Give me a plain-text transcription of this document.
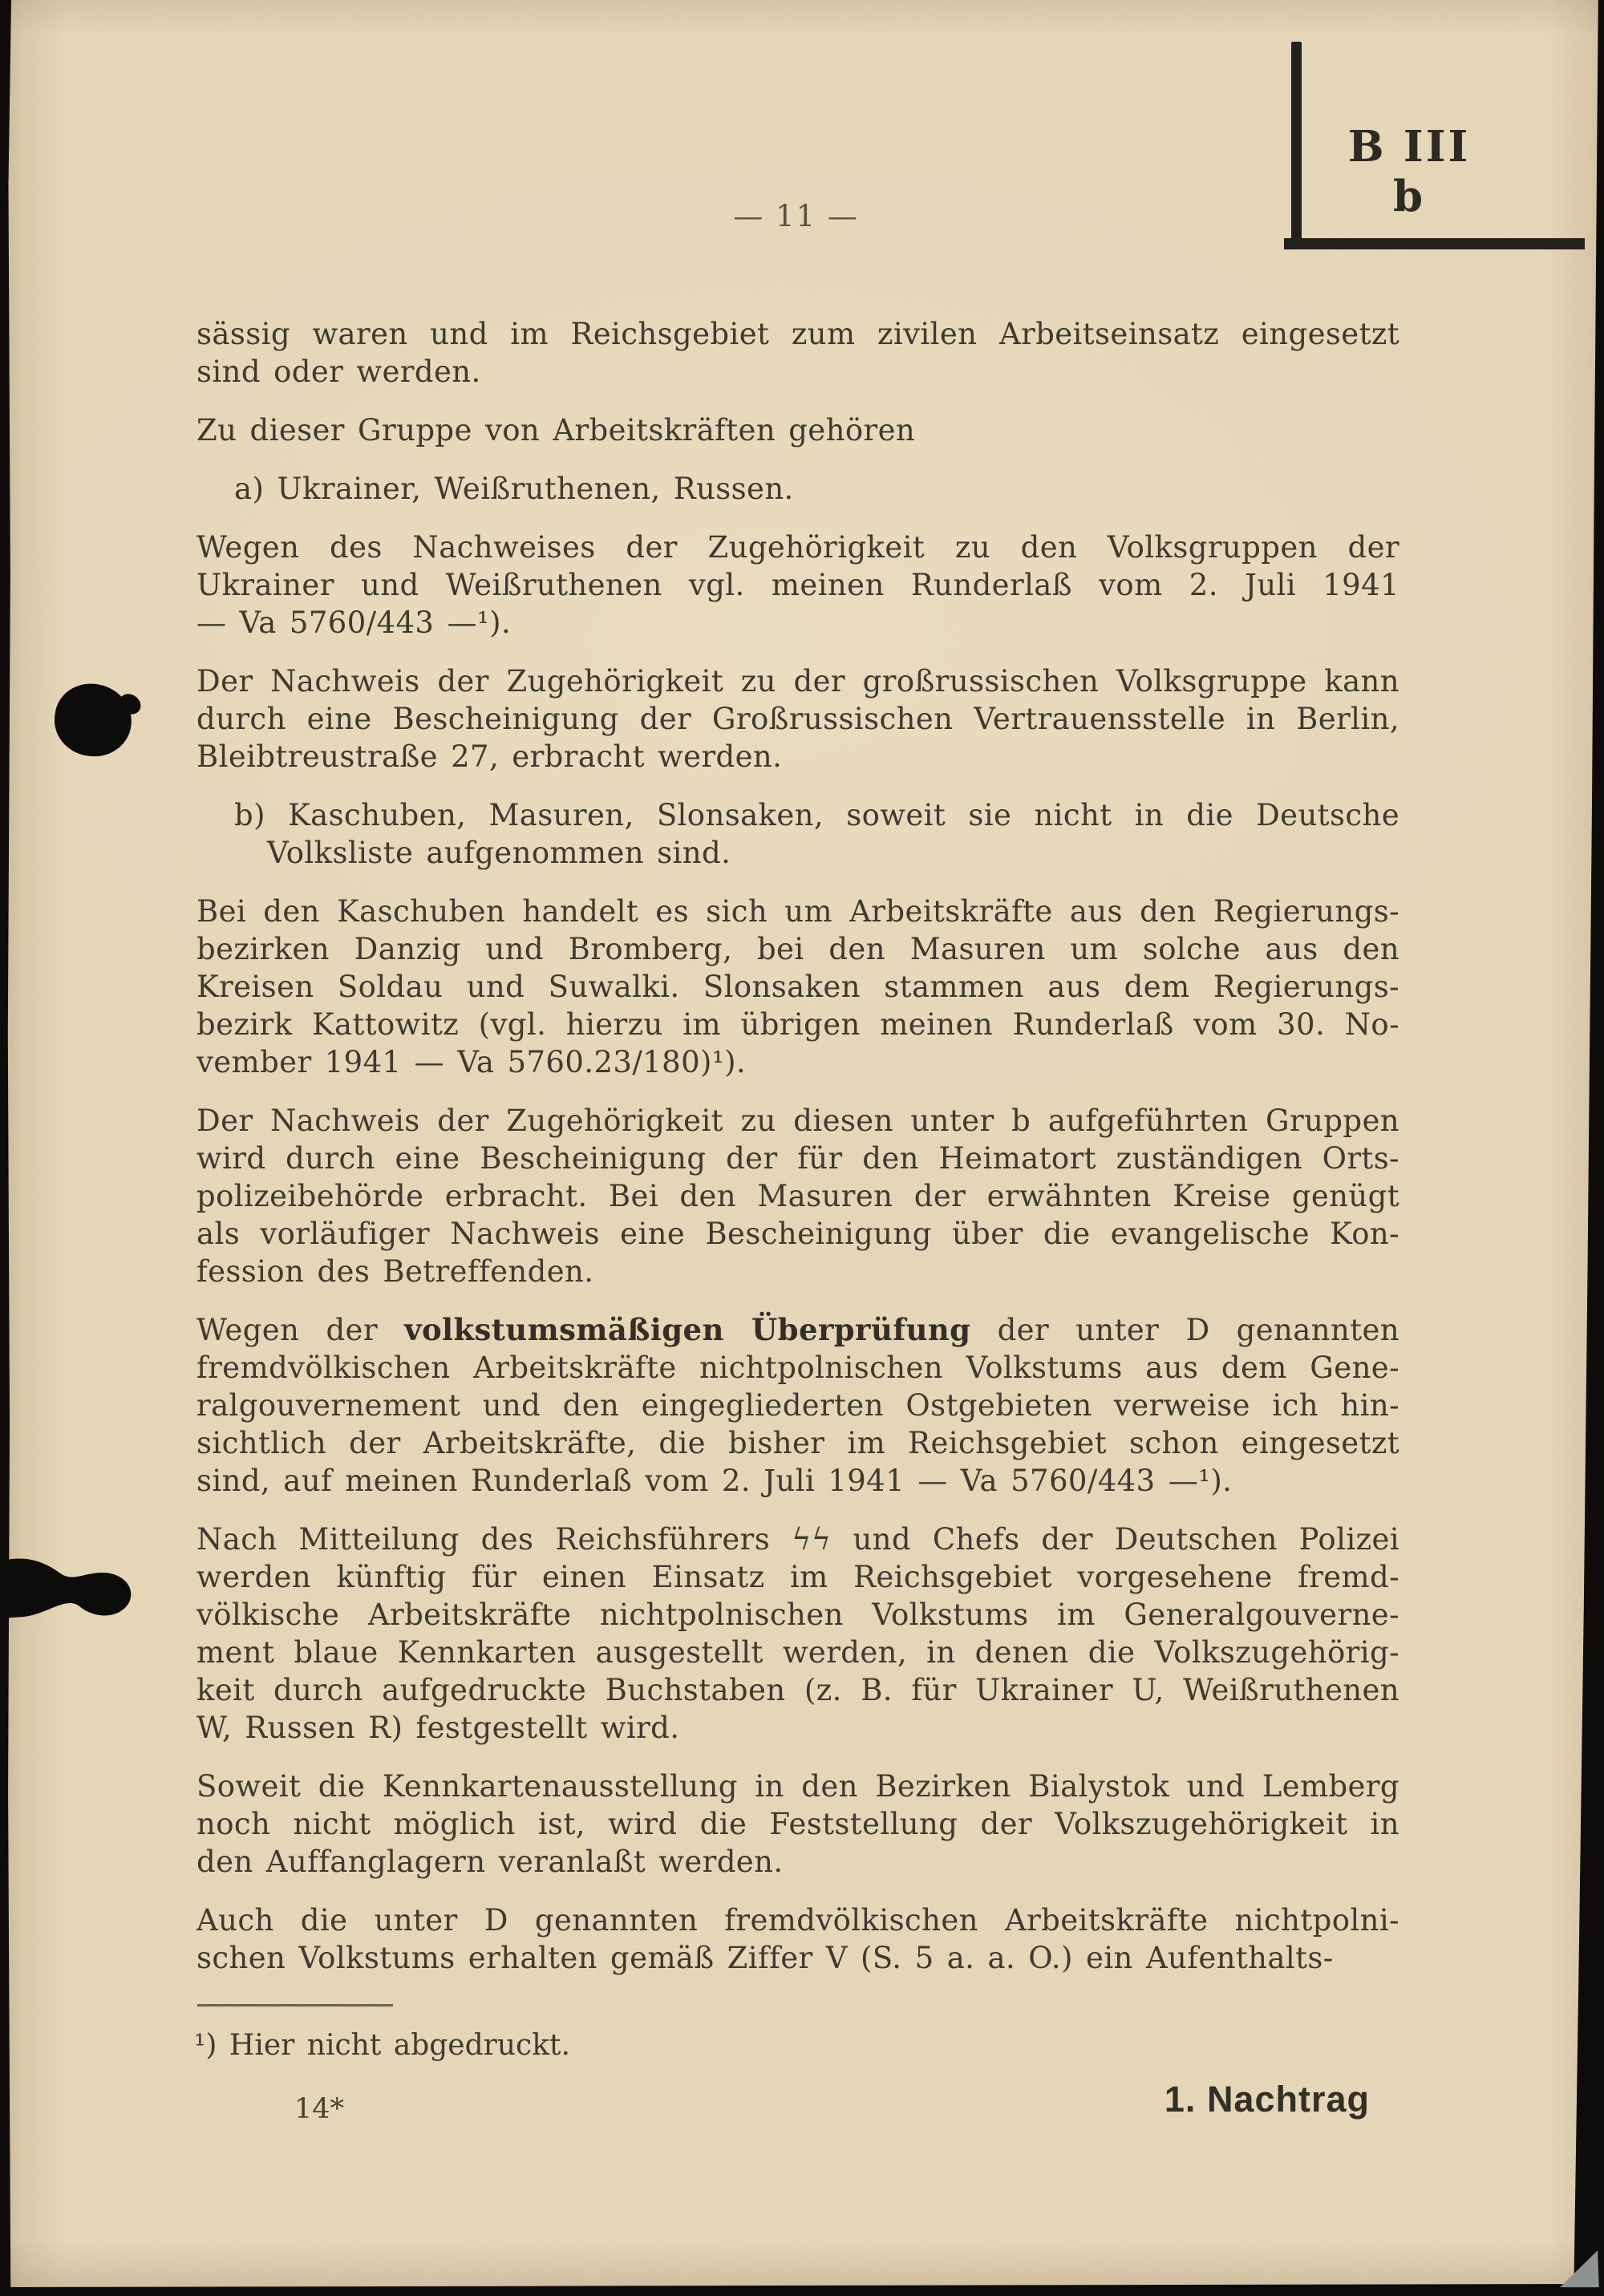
B III b
— 11 —
sässig waren und im Reichsgebiet zum zivilen Arbeitseinsatz eingesetzt
sind oder werden.
Zu dieser Gruppe von Arbeitskräften gehören
a) Ukrainer, Weißruthenen, Russen.
Wegen des Nachweises der Zugehörigkeit zu den Volksgruppen der
Ukrainer und Weißruthenen vgl. meinen Runderlaß vom 2. Juli 1941
— Va 5760/443 —¹).
Der Nachweis der Zugehörigkeit zu der großrussischen Volksgruppe kann
durch eine Bescheinigung der Großrussischen Vertrauensstelle in Berlin,
Bleibtreustraße 27, erbracht werden.
b) Kaschuben, Masuren, Slonsaken, soweit sie nicht in die Deutsche
Volksliste aufgenommen sind.
Bei den Kaschuben handelt es sich um Arbeitskräfte aus den Regierungs-
bezirken Danzig und Bromberg, bei den Masuren um solche aus den
Kreisen Soldau und Suwalki. Slonsaken stammen aus dem Regierungs-
bezirk Kattowitz (vgl. hierzu im übrigen meinen Runderlaß vom 30. No-
vember 1941 — Va 5760.23/180)¹).
Der Nachweis der Zugehörigkeit zu diesen unter b aufgeführten Gruppen
wird durch eine Bescheinigung der für den Heimatort zuständigen Orts-
polizeibehörde erbracht. Bei den Masuren der erwähnten Kreise genügt
als vorläufiger Nachweis eine Bescheinigung über die evangelische Kon-
fession des Betreffenden.
Wegen der volkstumsmäßigen Überprüfung der unter D genannten
fremdvölkischen Arbeitskräfte nichtpolnischen Volkstums aus dem Gene-
ralgouvernement und den eingegliederten Ostgebieten verweise ich hin-
sichtlich der Arbeitskräfte, die bisher im Reichsgebiet schon eingesetzt
sind, auf meinen Runderlaß vom 2. Juli 1941 — Va 5760/443 —¹).
Nach Mitteilung des Reichsführers ϟϟ und Chefs der Deutschen Polizei
werden künftig für einen Einsatz im Reichsgebiet vorgesehene fremd-
völkische Arbeitskräfte nichtpolnischen Volkstums im Generalgouverne-
ment blaue Kennkarten ausgestellt werden, in denen die Volkszugehörig-
keit durch aufgedruckte Buchstaben (z. B. für Ukrainer U, Weißruthenen
W, Russen R) festgestellt wird.
Soweit die Kennkartenausstellung in den Bezirken Bialystok und Lemberg
noch nicht möglich ist, wird die Feststellung der Volkszugehörigkeit in
den Auffanglagern veranlaßt werden.
Auch die unter D genannten fremdvölkischen Arbeitskräfte nichtpolni-
schen Volkstums erhalten gemäß Ziffer V (S. 5 a. a. O.) ein Aufenthalts-
¹) Hier nicht abgedruckt.
14*	1. Nachtrag
